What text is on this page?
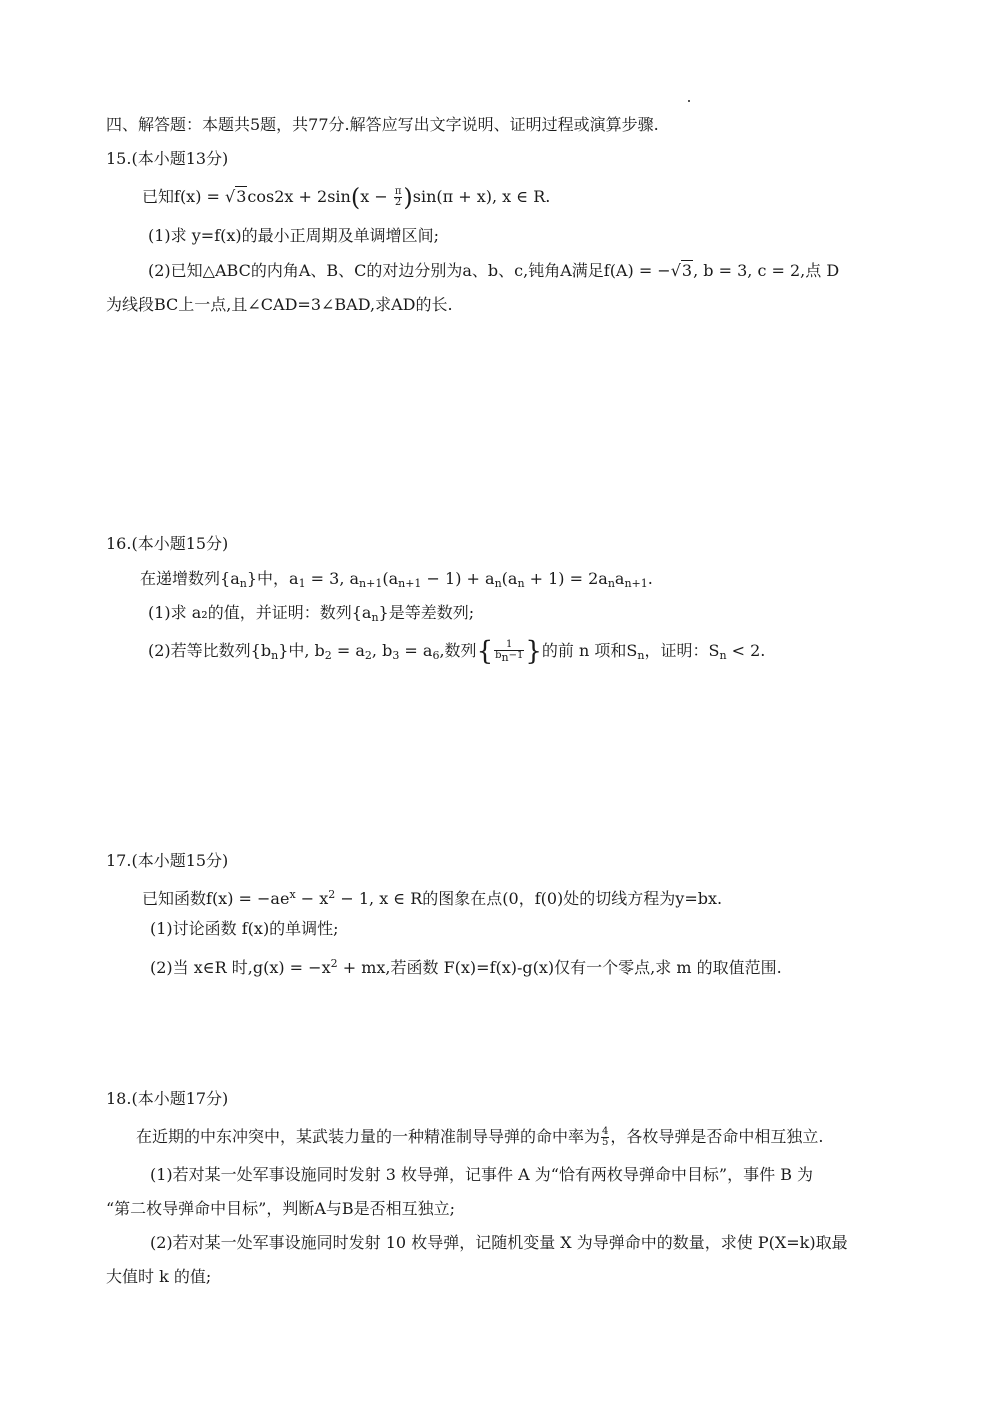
四、解答题：本题共5题，共77分.解答应写出文字说明、证明过程或演算步骤.
15.(本小题13分)
已知$f(x) = √3\cos 2x + 2\sin(x - \frac{\pi}{2} )\sin(\pi + x)$, x ∈ R.
(1)求 y=f(x)的最小正周期及单调增区间;
(2)已知△ABC的内角A、B、C的对边分别为a、b、c,钝角A满足f(A) = −√3, b = 3, c = 2,点 D
为线段BC上一点,且∠CAD=3∠BAD,求AD的长.
16.(本小题15分)
在递增数列$\{a_n\}$中，$a_1 = 3$, $a_{n+1}(a_{n+1} - 1) + a_n(a_n + 1) = 2a_na_{n+1}$.
(1)求 a₂的值，并证明：数列$\{a_n\}$是等差数列;
(2)若等比数列$\{b_n\}$中, $b_2 = a_2$, $b_3 = a_6$,数列{ $\frac{1}{b_n-1}$ }的前 n 项和$S_n$，证明：$S_n < 2$.
17.(本小题15分)
已知函数$f(x) = -ae^x - x^2 - 1$, x ∈ R的图象在点(0，f(0)处的切线方程为y=bx.
(1)讨论函数 f(x)的单调性;
(2)当 x∈R 时$,g(x) = -x^2$ + mx,若函数 F(x)=f(x)-g(x)仅有一个零点,求 m 的取值范围.
18.(本小题17分)
在近期的中东冲突中，某武装力量的一种精准制导导弹的命中率为 $\frac{4}{5}$ ，各枚导弹是否命中相互独立.
(1)若对某一处军事设施同时发射 3 枚导弹，记事件 A 为“恰有两枚导弹命中目标”，事件 B 为
“第二枚导弹命中目标”，判断A与B是否相互独立;
(2)若对某一处军事设施同时发射 10 枚导弹，记随机变量 X 为导弹命中的数量，求使 P(X=k)取最
大值时 k 的值;
